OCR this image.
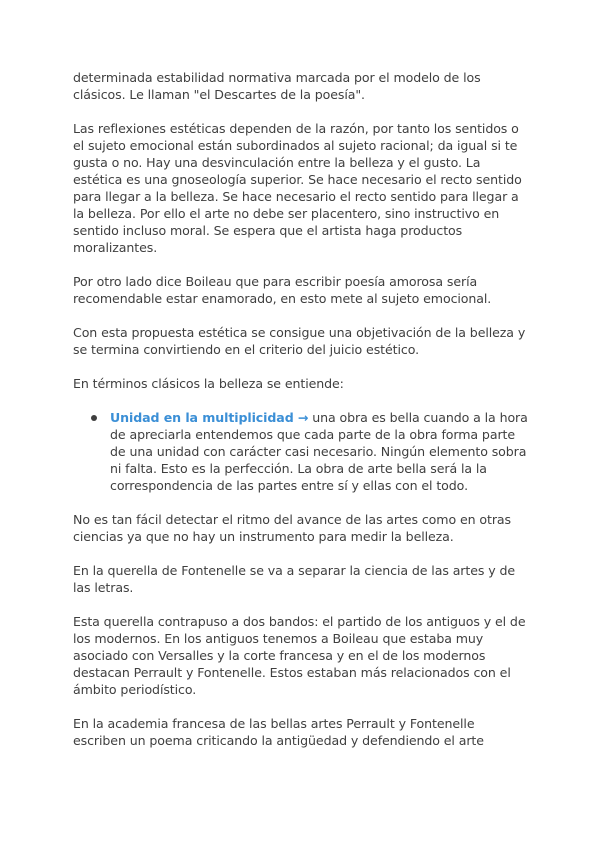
determinada estabilidad normativa marcada por el modelo de los clásicos. Le llaman "el Descartes de la poesía".

Las reflexiones estéticas dependen de la razón, por tanto los sentidos o el sujeto emocional están subordinados al sujeto racional; da igual si te gusta o no. Hay una desvinculación entre la belleza y el gusto. La estética es una gnoseología superior. Se hace necesario el recto sentido para llegar a la belleza. Se hace necesario el recto sentido para llegar a la belleza. Por ello el arte no debe ser placentero, sino instructivo en sentido incluso moral. Se espera que el artista haga productos moralizantes.

Por otro lado dice Boileau que para escribir poesía amorosa sería recomendable estar enamorado, en esto mete al sujeto emocional.

Con esta propuesta estética se consigue una objetivación de la belleza y se termina convirtiendo en el criterio del juicio estético.

En términos clásicos la belleza se entiende:

Unidad en la multiplicidad → una obra es bella cuando a la hora de apreciarla entendemos que cada parte de la obra forma parte de una unidad con carácter casi necesario. Ningún elemento sobra ni falta. Esto es la perfección. La obra de arte bella será la la correspondencia de las partes entre sí y ellas con el todo.

No es tan fácil detectar el ritmo del avance de las artes como en otras ciencias ya que no hay un instrumento para medir la belleza.

En la querella de Fontenelle se va a separar la ciencia de las artes y de las letras.

Esta querella contrapuso a dos bandos: el partido de los antiguos y el de los modernos. En los antiguos tenemos a Boileau que estaba muy asociado con Versalles y la corte francesa y en el de los modernos destacan Perrault y Fontenelle. Estos estaban más relacionados con el ámbito periodístico.

En la academia francesa de las bellas artes Perrault y Fontenelle escriben un poema criticando la antigüedad y defendiendo el arte
